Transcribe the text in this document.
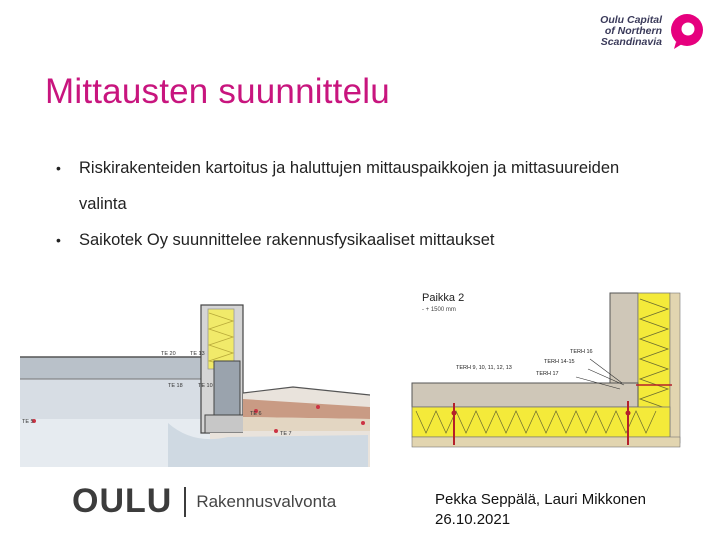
Oulu Capital
of Northern
Scandinavia
Mittausten suunnittelu
• Riskirakenteiden kartoitus ja haluttujen mittauspaikkojen ja mittasuureiden valinta
• Saikotek Oy suunnittelee rakennusfysikaaliset mittaukset
TE 20	TE 13
TE 18	TE 10
TE 5
TE 6
TE 7
Paikka 2
- + 1500 mm
TERH 16
TERH 14-15
TERH 17
TERH 9, 10, 11, 12, 13
OULU Rakennusvalvonta	Pekka Seppälä, Lauri Mikkonen
26.10.2021
